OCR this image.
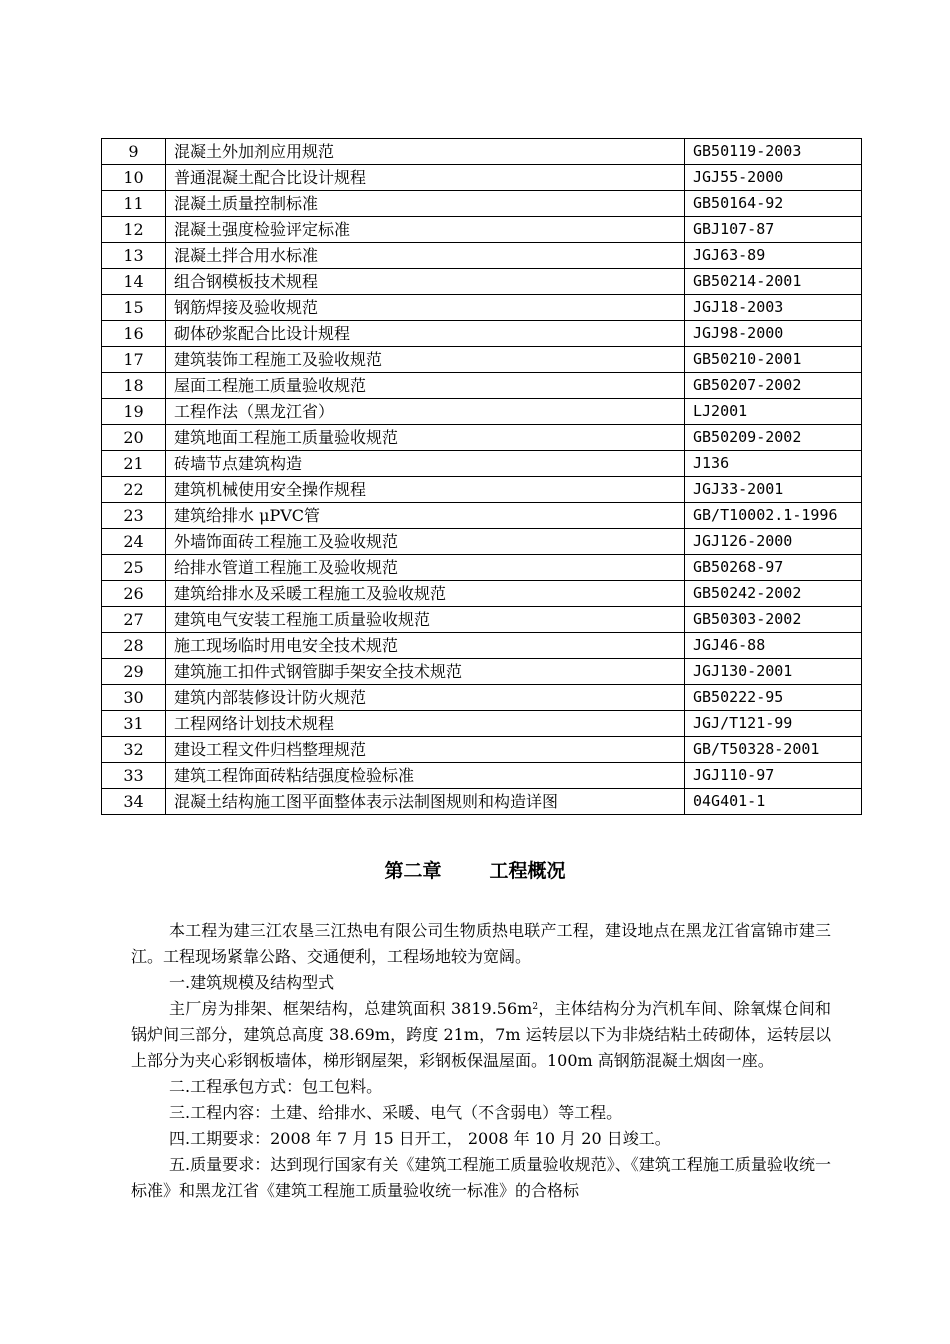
9	混凝土外加剂应用规范	GB50119-2003
10	普通混凝土配合比设计规程	JGJ55-2000
11	混凝土质量控制标准	GB50164-92
12	混凝土强度检验评定标准	GBJ107-87
13	混凝土拌合用水标准	JGJ63-89
14	组合钢模板技术规程	GB50214-2001
15	钢筋焊接及验收规范	JGJ18-2003
16	砌体砂浆配合比设计规程	JGJ98-2000
17	建筑装饰工程施工及验收规范	GB50210-2001
18	屋面工程施工质量验收规范	GB50207-2002
19	工程作法（黑龙江省）	LJ2001
20	建筑地面工程施工质量验收规范	GB50209-2002
21	砖墙节点建筑构造	J136
22	建筑机械使用安全操作规程	JGJ33-2001
23	建筑给排水 μPVC管	GB/T10002.1-1996
24	外墙饰面砖工程施工及验收规范	JGJ126-2000
25	给排水管道工程施工及验收规范	GB50268-97
26	建筑给排水及采暖工程施工及验收规范	GB50242-2002
27	建筑电气安装工程施工质量验收规范	GB50303-2002
28	施工现场临时用电安全技术规范	JGJ46-88
29	建筑施工扣件式钢管脚手架安全技术规范	JGJ130-2001
30	建筑内部装修设计防火规范	GB50222-95
31	工程网络计划技术规程	JGJ/T121-99
32	建设工程文件归档整理规范	GB/T50328-2001
33	建筑工程饰面砖粘结强度检验标准	JGJ110-97
34	混凝土结构施工图平面整体表示法制图规则和构造详图	04G401-1
第二章	工程概况

本工程为建三江农垦三江热电有限公司生物质热电联产工程，建设地点在黑龙江省富锦市建三江。工程现场紧靠公路、交通便利，工程场地较为宽阔。

一.建筑规模及结构型式

主厂房为排架、框架结构，总建筑面积 $3819.56m^2$，主体结构分为汽机车间、除氧煤仓间和锅炉间三部分，建筑总高度 38.69m，跨度 21m，7m 运转层以下为非烧结粘土砖砌体，运转层以上部分为夹心彩钢板墙体，梯形钢屋架，彩钢板保温屋面。100m 高钢筋混凝土烟囱一座。

二.工程承包方式：包工包料。

三.工程内容：土建、给排水、采暖、电气（不含弱电）等工程。

四.工期要求：2008 年 7 月 15 日开工， 2008 年 10 月 20 日竣工。

五.质量要求：达到现行国家有关《建筑工程施工质量验收规范》、《建筑工程施工质量验收统一标准》和黑龙江省《建筑工程施工质量验收统一标准》的合格标
